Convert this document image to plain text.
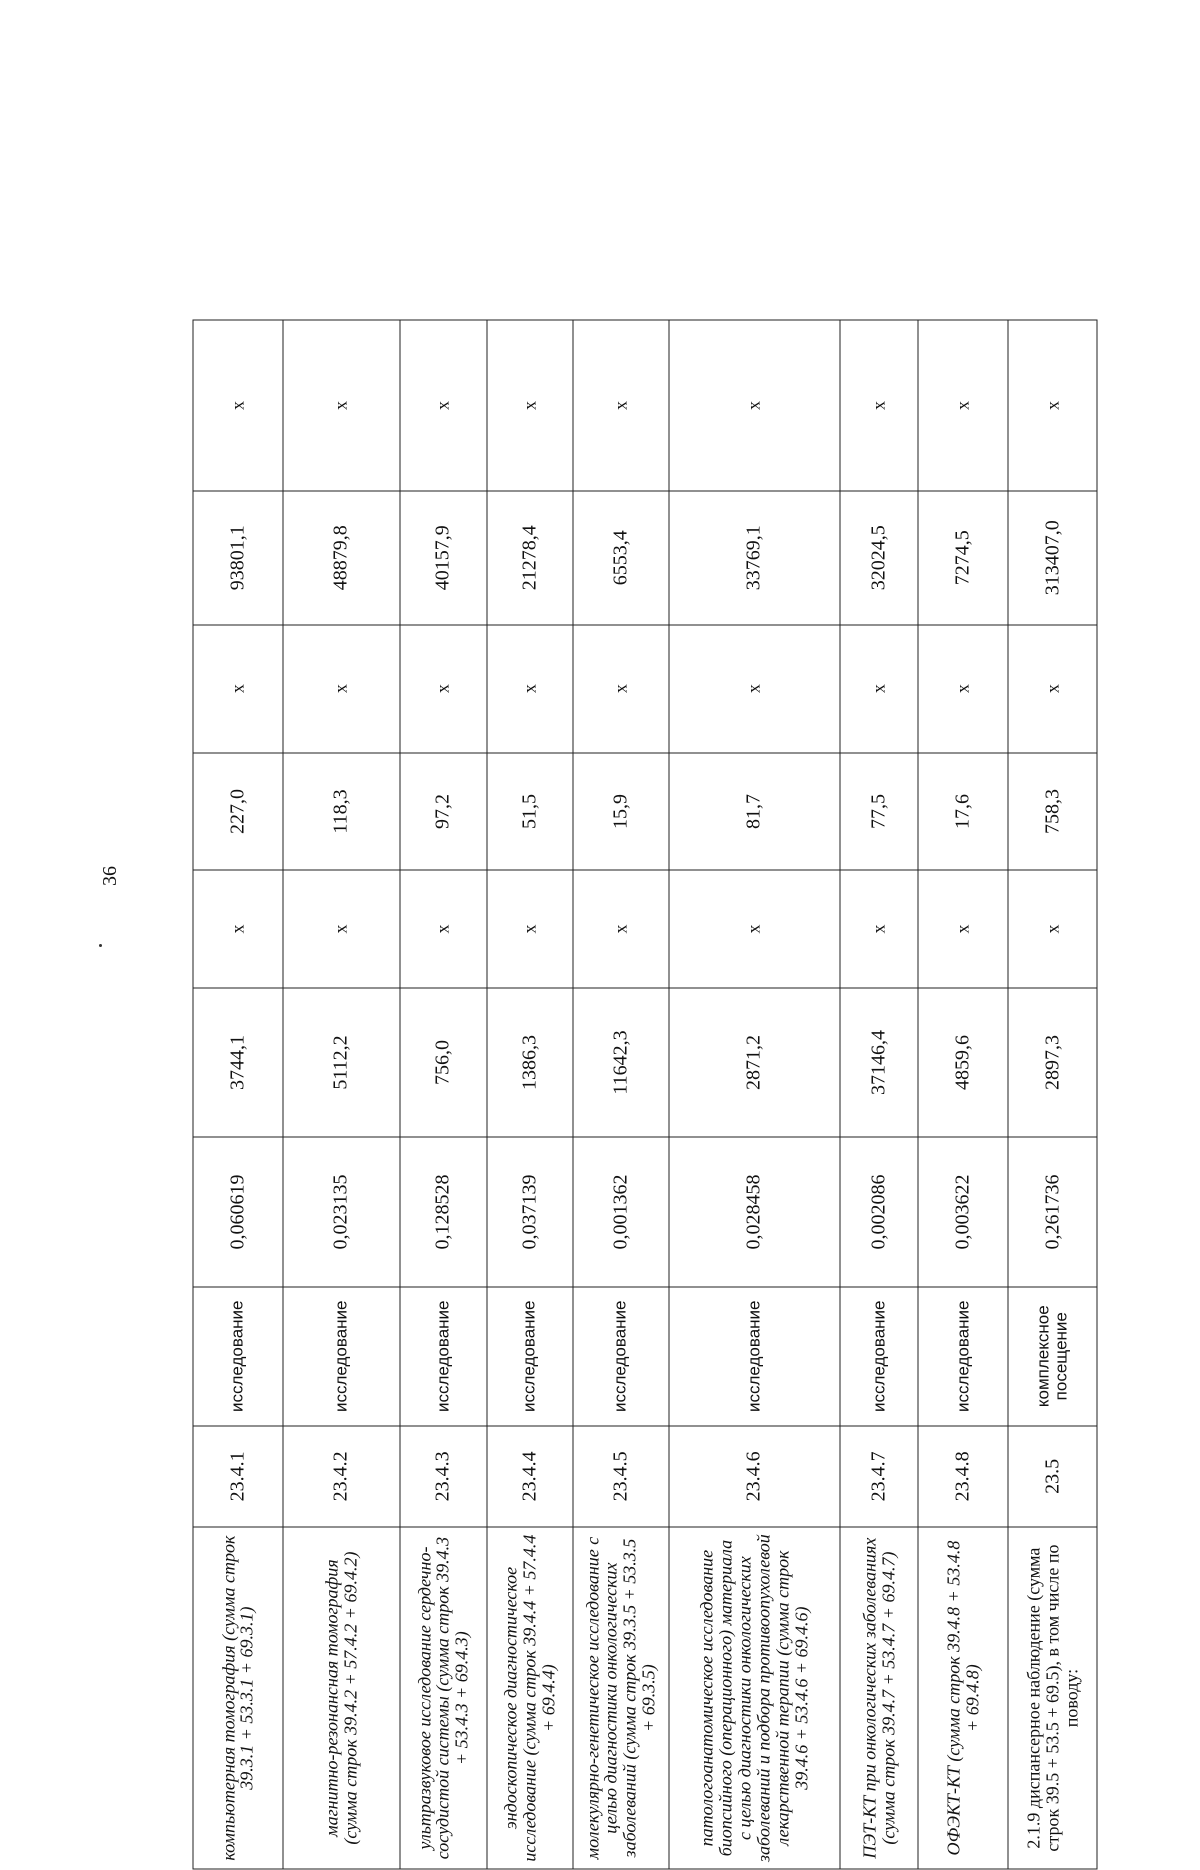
36
компьютерная томография (сумма строк 39.3.1 + 53.3.1 + 69.3.1)	23.4.1	исследование	0,060619	3744,1	x	227,0	x	93801,1	x
магнитно-резонансная томография (сумма строк 39.4.2 + 57.4.2 + 69.4.2)	23.4.2	исследование	0,023135	5112,2	x	118,3	x	48879,8	x
ультразвуковое исследование сердечно-сосудистой системы (сумма строк 39.4.3 + 53.4.3 + 69.4.3)	23.4.3	исследование	0,128528	756,0	x	97,2	x	40157,9	x
эндоскопическое диагностическое исследование (сумма строк 39.4.4 + 57.4.4 + 69.4.4)	23.4.4	исследование	0,037139	1386,3	x	51,5	x	21278,4	x
молекулярно-генетическое исследование с целью диагностики онкологических заболеваний (сумма строк 39.3.5 + 53.3.5 + 69.3.5)	23.4.5	исследование	0,001362	11642,3	x	15,9	x	6553,4	x
патологоанатомическое исследование биопсийного (операционного) материала с целью диагностики онкологических заболеваний и подбора противоопухолевой лекарственной терапии (сумма строк 39.4.6 + 53.4.6 + 69.4.6)	23.4.6	исследование	0,028458	2871,2	x	81,7	x	33769,1	x
ПЭТ-КТ при онкологических заболеваниях (сумма строк 39.4.7 + 53.4.7 + 69.4.7)	23.4.7	исследование	0,002086	37146,4	x	77,5	x	32024,5	x
ОФЭКТ-КТ (сумма строк 39.4.8 + 53.4.8 + 69.4.8)	23.4.8	исследование	0,003622	4859,6	x	17,6	x	7274,5	x
2.1.9 диспансерное наблюдение (сумма строк 39.5 + 53.5 + 69.5), в том числе по поводу:	23.5	комплексное посещение	0,261736	2897,3	x	758,3	x	313407,0	x
